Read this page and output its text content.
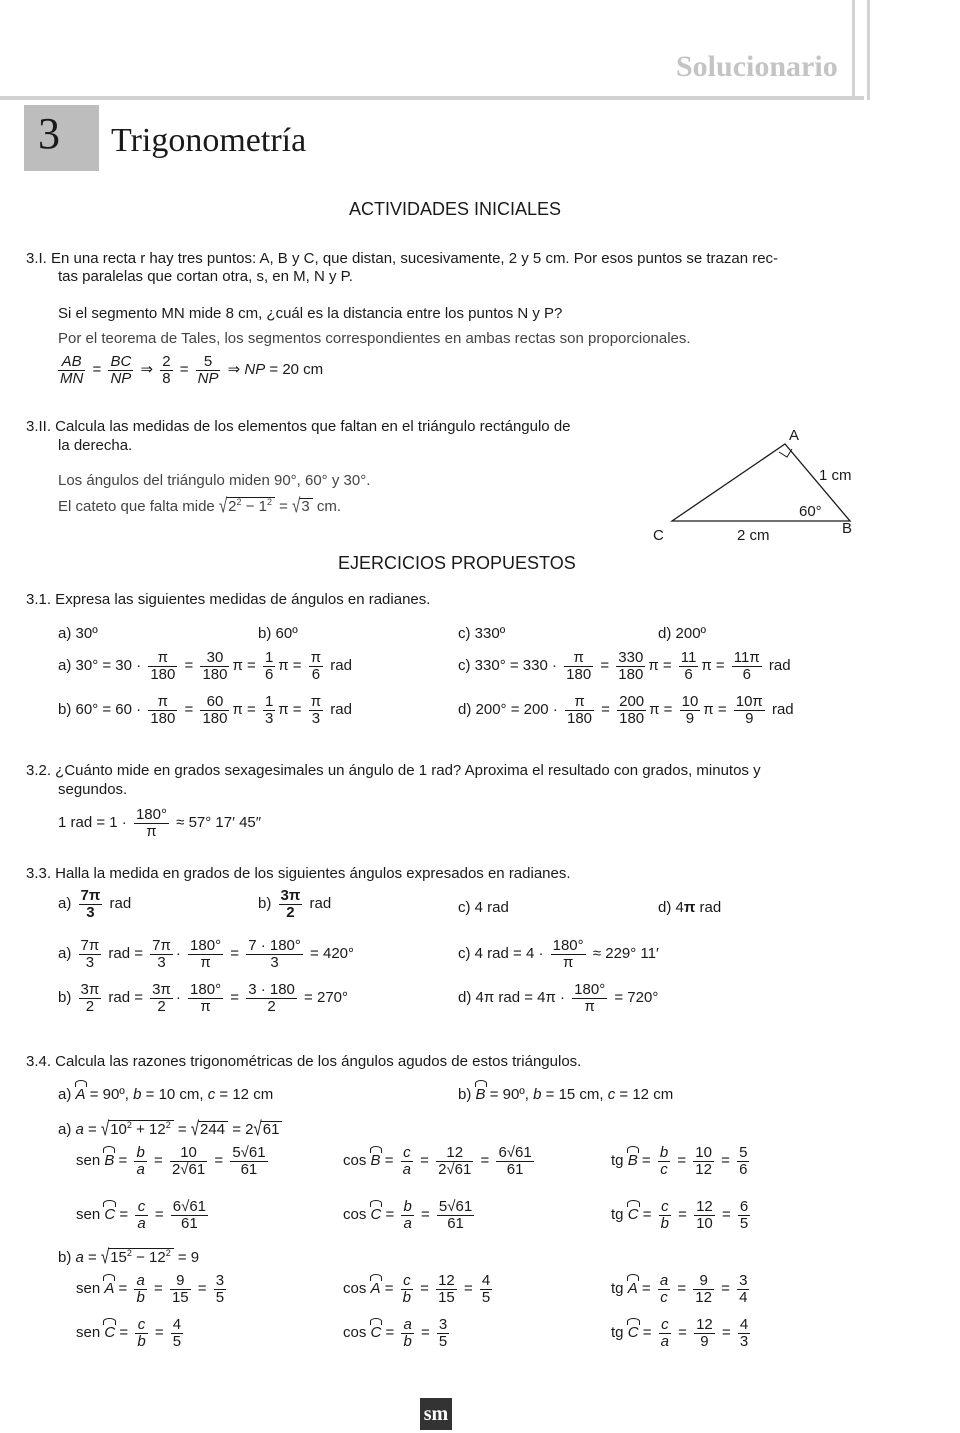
Solucionario
3 Trigonometría
ACTIVIDADES INICIALES
3.I. En una recta r hay tres puntos: A, B y C, que distan, sucesivamente, 2 y 5 cm. Por esos puntos se trazan rec-
tas paralelas que cortan otra, s, en M, N y P.
Si el segmento MN mide 8 cm, ¿cuál es la distancia entre los puntos N y P?
Por el teorema de Tales, los segmentos correspondientes en ambas rectas son proporcionales.
$\frac{AB}{MN} = \frac{BC}{NP}$ ⇒ $\frac{2}{8} = \frac{5}{NP}$ ⇒ NP = 20 cm
3.II. Calcula las medidas de los elementos que faltan en el triángulo rectángulo de
la derecha.
Los ángulos del triángulo miden 90°, 60° y 30°.
El cateto que falta mide $√2^2 - 1^2 = √3$ cm.
A
B
C
1 cm
2 cm
60°
EJERCICIOS PROPUESTOS
3.1. Expresa las siguientes medidas de ángulos en radianes.
a) 30º	b) 60º	c) 330º	d) 200º
a) $30^\circ = 30 \cdot \frac{\pi}{180} = \frac{30}{180}$ $\pi = \frac{1}{6}$ $\pi = \frac{\pi}{6}$ rad
b) $60^\circ = 60 \cdot \frac{\pi}{180} = \frac{60}{180}$ $\pi = \frac{1}{3}$ $\pi = \frac{\pi}{3}$ rad
c) $330^\circ = 330 \cdot \frac{\pi}{180} = \frac{330}{180}$ $\pi = \frac{11}{6}$ $\pi = \frac{11\pi}{6}$ rad
d) $200^\circ = 200 \cdot \frac{\pi}{180} = \frac{200}{180}$ $\pi = \frac{10}{9}$ $\pi = \frac{10\pi}{9}$ rad
3.2. ¿Cuánto mide en grados sexagesimales un ángulo de 1 rad? Aproxima el resultado con grados, minutos y
segundos.
1 rad = $1 \cdot \frac{180^\circ}{\pi} \approx 57^\circ$ 17′ 45″
3.3. Halla la medida en grados de los siguientes ángulos expresados en radianes.
$a) \frac{7\pi}{3}$ rad	$b) \frac{3\pi}{2}$ rad	c) 4 rad	d) 4π rad
$a) \frac{7\pi}{3}$ rad = $\frac{7\pi}{3} \cdot \frac{180^\circ}{\pi} = \frac{7 \cdot 180^\circ}{3} = 420^\circ$
$b) \frac{3\pi}{2}$ rad = $\frac{3\pi}{2} \cdot \frac{180^\circ}{\pi} = \frac{3 \cdot 180}{2} = 270^\circ$
c) 4 rad = $4 \cdot \frac{180^\circ}{\pi} \approx 229^\circ$ 11′
d) 4π rad = $4\pi \cdot \frac{180^\circ}{\pi} = 720^\circ$
3.4. Calcula las razones trigonométricas de los ángulos agudos de estos triángulos.
a) A = 90º, b = 10 cm, c = 12 cm	b) B = 90º, b = 15 cm, c = 12 cm
a) $a = √10^2 + 12^2 = √244 = 2√61$
sen $B = \frac{b}{a} = \frac{10}{2√61} = \frac{5√61}{61}$	$\cos B = \frac{c}{a} = \frac{12}{2√61} = \frac{6√61}{61}$	tg $B = \frac{b}{c} = \frac{10}{12} = \frac{5}{6}$
sen $C = \frac{c}{a} = \frac{6√61}{61}$	$\cos C = \frac{b}{a} = \frac{5√61}{61}$	tg $C = \frac{c}{b} = \frac{12}{10} = \frac{6}{5}$
b) $a = √15^2 - 12^2 = 9$
sen $A = \frac{a}{b} = \frac{9}{15} = \frac{3}{5}$	$\cos A = \frac{c}{b} = \frac{12}{15} = \frac{4}{5}$	tg $A = \frac{a}{c} = \frac{9}{12} = \frac{3}{4}$
sen $C = \frac{c}{b} = \frac{4}{5}$	$\cos C = \frac{a}{b} = \frac{3}{5}$	tg $C = \frac{c}{a} = \frac{12}{9} = \frac{4}{3}$
sm
